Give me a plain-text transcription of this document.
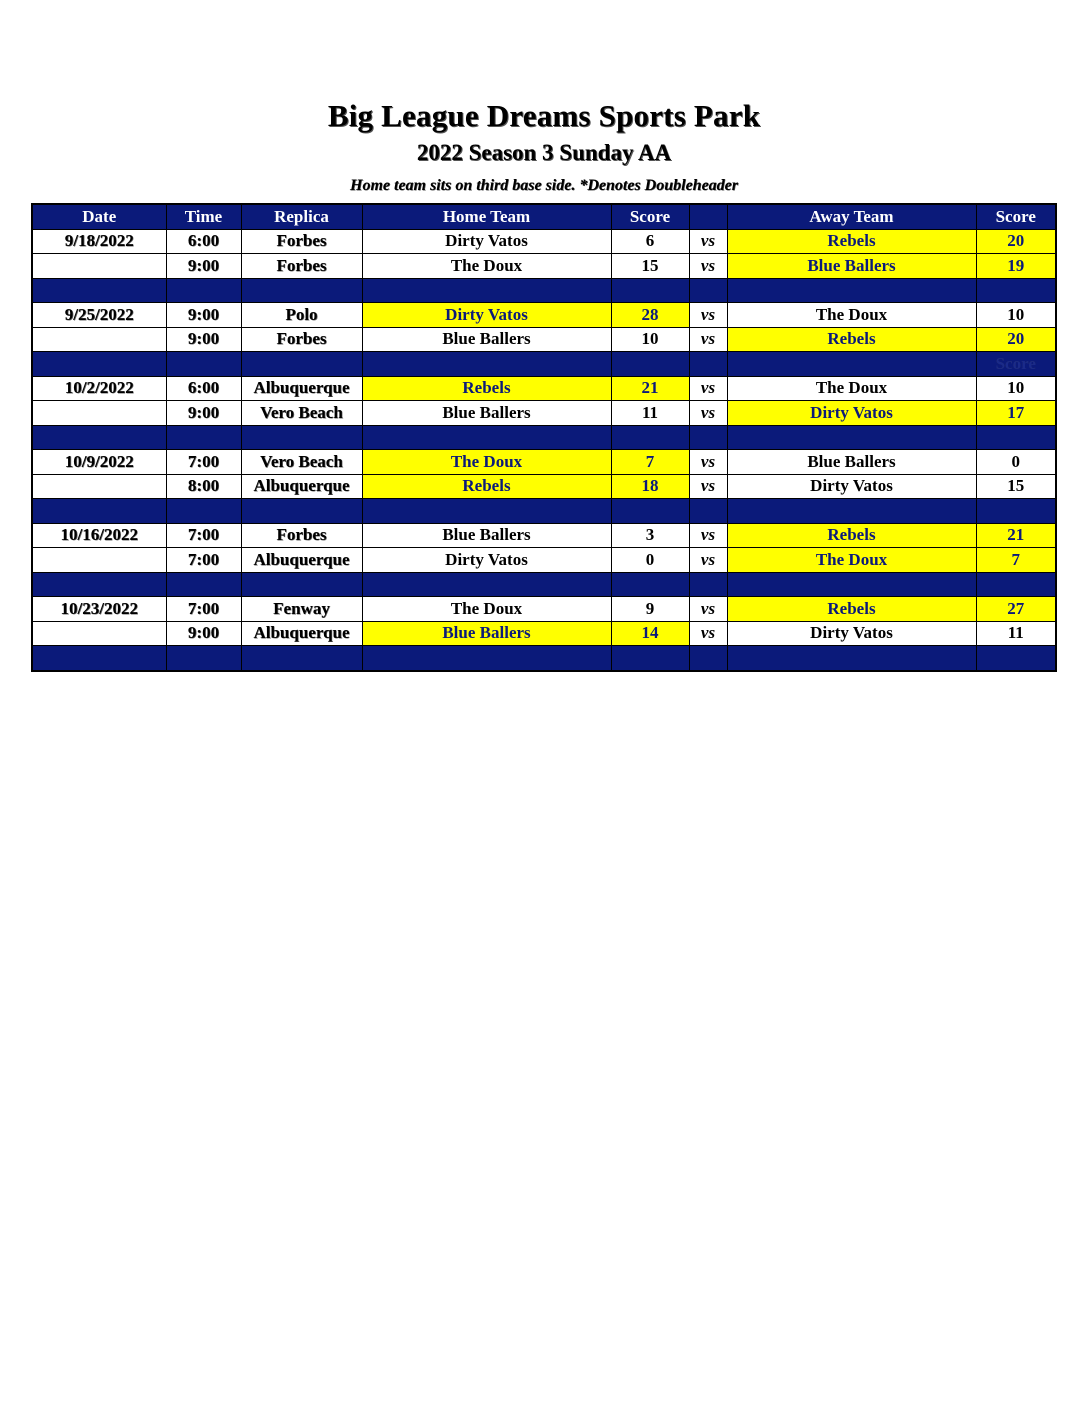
Big League Dreams Sports Park
2022 Season 3 Sunday AA
Home team sits on third base side. *Denotes Doubleheader
Date	Time	Replica	Home Team	Score		Away Team	Score
9/18/2022	6:00	Forbes	Dirty Vatos	6	vs	Rebels	20
	9:00	Forbes	The Doux	15	vs	Blue Ballers	19

9/25/2022	9:00	Polo	Dirty Vatos	28	vs	The Doux	10
	9:00	Forbes	Blue Ballers	10	vs	Rebels	20
							Score
10/2/2022	6:00	Albuquerque	Rebels	21	vs	The Doux	10
	9:00	Vero Beach	Blue Ballers	11	vs	Dirty Vatos	17

10/9/2022	7:00	Vero Beach	The Doux	7	vs	Blue Ballers	0
	8:00	Albuquerque	Rebels	18	vs	Dirty Vatos	15

10/16/2022	7:00	Forbes	Blue Ballers	3	vs	Rebels	21
	7:00	Albuquerque	Dirty Vatos	0	vs	The Doux	7

10/23/2022	7:00	Fenway	The Doux	9	vs	Rebels	27
	9:00	Albuquerque	Blue Ballers	14	vs	Dirty Vatos	11
